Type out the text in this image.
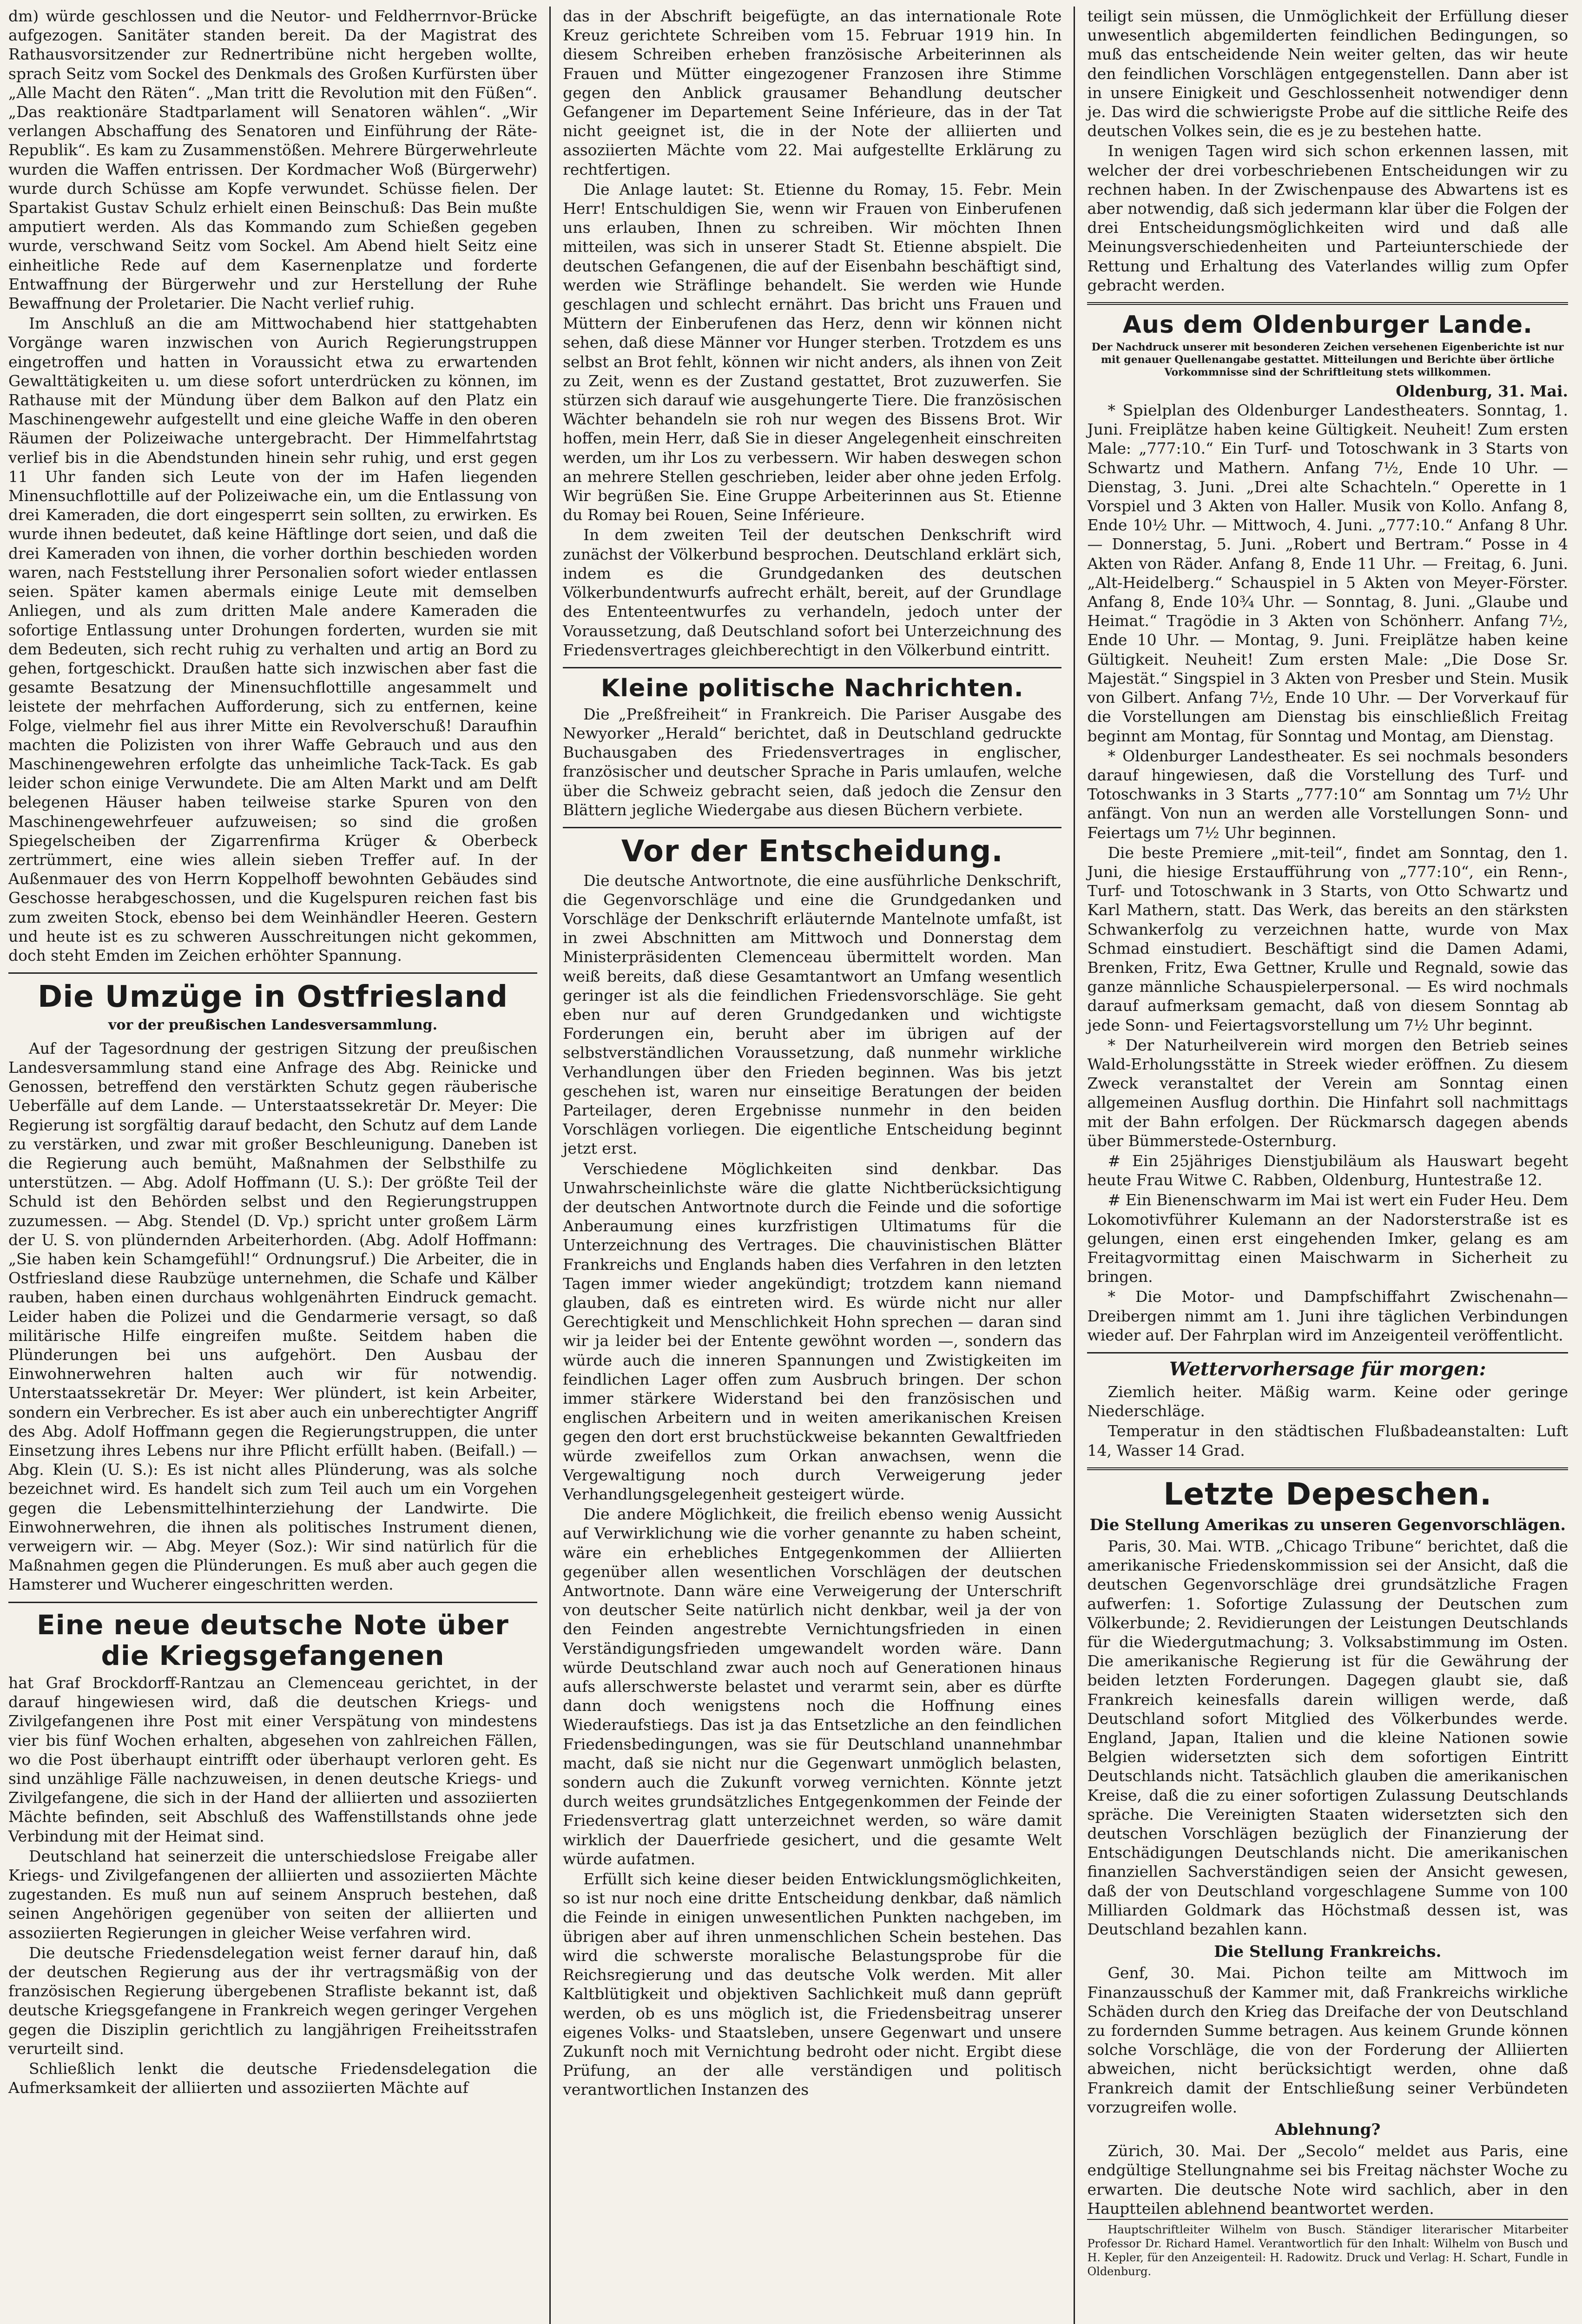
dm) würde geschlossen und die Neutor- und Feldherrnvor-Brücke aufgezogen. Sanitäter standen bereit. Da der Magistrat des Rathausvorsitzender zur Rednertribüne nicht hergeben wollte, sprach Seitz vom Sockel des Denkmals des Großen Kurfürsten über „Alle Macht den Räten“. „Man tritt die Revolution mit den Füßen“. „Das reaktionäre Stadtparlament will Senatoren wählen“. „Wir verlangen Abschaffung des Senatoren und Einführung der Räte-Republik“. Es kam zu Zusammenstößen. Mehrere Bürgerwehrleute wurden die Waffen entrissen. Der Kordmacher Woß (Bürgerwehr) wurde durch Schüsse am Kopfe verwundet. Schüsse fielen. Der Spartakist Gustav Schulz erhielt einen Beinschuß: Das Bein mußte amputiert werden. Als das Kommando zum Schießen gegeben wurde, verschwand Seitz vom Sockel. Am Abend hielt Seitz eine einheitliche Rede auf dem Kasernenplatze und forderte Entwaffnung der Bürgerwehr und zur Herstellung der Ruhe Bewaffnung der Proletarier. Die Nacht verlief ruhig.

Im Anschluß an die am Mittwochabend hier stattgehabten Vorgänge waren inzwischen von Aurich Regierungstruppen eingetroffen und hatten in Voraussicht etwa zu erwartenden Gewalttätigkeiten u. um diese sofort unterdrücken zu können, im Rathause mit der Mündung über dem Balkon auf den Platz ein Maschinengewehr aufgestellt und eine gleiche Waffe in den oberen Räumen der Polizeiwache untergebracht. Der Himmelfahrtstag verlief bis in die Abendstunden hinein sehr ruhig, und erst gegen 11 Uhr fanden sich Leute von der im Hafen liegenden Minensuchflottille auf der Polizeiwache ein, um die Entlassung von drei Kameraden, die dort eingesperrt sein sollten, zu erwirken. Es wurde ihnen bedeutet, daß keine Häftlinge dort seien, und daß die drei Kameraden von ihnen, die vorher dorthin beschieden worden waren, nach Feststellung ihrer Personalien sofort wieder entlassen seien. Später kamen abermals einige Leute mit demselben Anliegen, und als zum dritten Male andere Kameraden die sofortige Entlassung unter Drohungen forderten, wurden sie mit dem Bedeuten, sich recht ruhig zu verhalten und artig an Bord zu gehen, fortgeschickt. Draußen hatte sich inzwischen aber fast die gesamte Besatzung der Minensuchflottille angesammelt und leistete der mehrfachen Aufforderung, sich zu entfernen, keine Folge, vielmehr fiel aus ihrer Mitte ein Revolverschuß! Daraufhin machten die Polizisten von ihrer Waffe Gebrauch und aus den Maschinengewehren erfolgte das unheimliche Tack-Tack. Es gab leider schon einige Verwundete. Die am Alten Markt und am Delft belegenen Häuser haben teilweise starke Spuren von den Maschinengewehrfeuer aufzuweisen; so sind die großen Spiegelscheiben der Zigarrenfirma Krüger & Oberbeck zertrümmert, eine wies allein sieben Treffer auf. In der Außenmauer des von Herrn Koppelhoff bewohnten Gebäudes sind Geschosse herabgeschossen, und die Kugelspuren reichen fast bis zum zweiten Stock, ebenso bei dem Weinhändler Heeren. Gestern und heute ist es zu schweren Ausschreitungen nicht gekommen, doch steht Emden im Zeichen erhöhter Spannung.

Die Umzüge in Ostfriesland
vor der preußischen Landesversammlung.

Auf der Tagesordnung der gestrigen Sitzung der preußischen Landesversammlung stand eine Anfrage des Abg. Reinicke und Genossen, betreffend den verstärkten Schutz gegen räuberische Ueberfälle auf dem Lande. — Unterstaatssekretär Dr. Meyer: Die Regierung ist sorgfältig darauf bedacht, den Schutz auf dem Lande zu verstärken, und zwar mit großer Beschleunigung. Daneben ist die Regierung auch bemüht, Maßnahmen der Selbsthilfe zu unterstützen. — Abg. Adolf Hoffmann (U. S.): Der größte Teil der Schuld ist den Behörden selbst und den Regierungstruppen zuzumessen. — Abg. Stendel (D. Vp.) spricht unter großem Lärm der U. S. von plündernden Arbeiterhorden. (Abg. Adolf Hoffmann: „Sie haben kein Schamgefühl!“ Ordnungsruf.) Die Arbeiter, die in Ostfriesland diese Raubzüge unternehmen, die Schafe und Kälber rauben, haben einen durchaus wohlgenährten Eindruck gemacht. Leider haben die Polizei und die Gendarmerie versagt, so daß militärische Hilfe eingreifen mußte. Seitdem haben die Plünderungen bei uns aufgehört. Den Ausbau der Einwohnerwehren halten auch wir für notwendig. Unterstaatssekretär Dr. Meyer: Wer plündert, ist kein Arbeiter, sondern ein Verbrecher. Es ist aber auch ein unberechtigter Angriff des Abg. Adolf Hoffmann gegen die Regierungstruppen, die unter Einsetzung ihres Lebens nur ihre Pflicht erfüllt haben. (Beifall.) — Abg. Klein (U. S.): Es ist nicht alles Plünderung, was als solche bezeichnet wird. Es handelt sich zum Teil auch um ein Vorgehen gegen die Lebensmittelhinterziehung der Landwirte. Die Einwohnerwehren, die ihnen als politisches Instrument dienen, verweigern wir. — Abg. Meyer (Soz.): Wir sind natürlich für die Maßnahmen gegen die Plünderungen. Es muß aber auch gegen die Hamsterer und Wucherer eingeschritten werden.

Eine neue deutsche Note über die Kriegsgefangenen

hat Graf Brockdorff-Rantzau an Clemenceau gerichtet, in der darauf hingewiesen wird, daß die deutschen Kriegs- und Zivilgefangenen ihre Post mit einer Verspätung von mindestens vier bis fünf Wochen erhalten, abgesehen von zahlreichen Fällen, wo die Post überhaupt eintrifft oder überhaupt verloren geht. Es sind unzählige Fälle nachzuweisen, in denen deutsche Kriegs- und Zivilgefangene, die sich in der Hand der alliierten und assoziierten Mächte befinden, seit Abschluß des Waffenstillstands ohne jede Verbindung mit der Heimat sind.

Deutschland hat seinerzeit die unterschiedslose Freigabe aller Kriegs- und Zivilgefangenen der alliierten und assoziierten Mächte zugestanden. Es muß nun auf seinem Anspruch bestehen, daß seinen Angehörigen gegenüber von seiten der alliierten und assoziierten Regierungen in gleicher Weise verfahren wird.

Die deutsche Friedensdelegation weist ferner darauf hin, daß der deutschen Regierung aus der ihr vertragsmäßig von der französischen Regierung übergebenen Strafliste bekannt ist, daß deutsche Kriegsgefangene in Frankreich wegen geringer Vergehen gegen die Disziplin gerichtlich zu langjährigen Freiheitsstrafen verurteilt sind.

Schließlich lenkt die deutsche Friedensdelegation die Aufmerksamkeit der alliierten und assoziierten Mächte auf

das in der Abschrift beigefügte, an das internationale Rote Kreuz gerichtete Schreiben vom 15. Februar 1919 hin. In diesem Schreiben erheben französische Arbeiterinnen als Frauen und Mütter eingezogener Franzosen ihre Stimme gegen den Anblick grausamer Behandlung deutscher Gefangener im Departement Seine Inférieure, das in der Tat nicht geeignet ist, die in der Note der alliierten und assoziierten Mächte vom 22. Mai aufgestellte Erklärung zu rechtfertigen.

Die Anlage lautet: St. Etienne du Romay, 15. Febr. Mein Herr! Entschuldigen Sie, wenn wir Frauen von Einberufenen uns erlauben, Ihnen zu schreiben. Wir möchten Ihnen mitteilen, was sich in unserer Stadt St. Etienne abspielt. Die deutschen Gefangenen, die auf der Eisenbahn beschäftigt sind, werden wie Sträflinge behandelt. Sie werden wie Hunde geschlagen und schlecht ernährt. Das bricht uns Frauen und Müttern der Einberufenen das Herz, denn wir können nicht sehen, daß diese Männer vor Hunger sterben. Trotzdem es uns selbst an Brot fehlt, können wir nicht anders, als ihnen von Zeit zu Zeit, wenn es der Zustand gestattet, Brot zuzuwerfen. Sie stürzen sich darauf wie ausgehungerte Tiere. Die französischen Wächter behandeln sie roh nur wegen des Bissens Brot. Wir hoffen, mein Herr, daß Sie in dieser Angelegenheit einschreiten werden, um ihr Los zu verbessern. Wir haben deswegen schon an mehrere Stellen geschrieben, leider aber ohne jeden Erfolg. Wir begrüßen Sie. Eine Gruppe Arbeiterinnen aus St. Etienne du Romay bei Rouen, Seine Inférieure.

In dem zweiten Teil der deutschen Denkschrift wird zunächst der Völkerbund besprochen. Deutschland erklärt sich, indem es die Grundgedanken des deutschen Völkerbundentwurfs aufrecht erhält, bereit, auf der Grundlage des Ententeentwurfes zu verhandeln, jedoch unter der Voraussetzung, daß Deutschland sofort bei Unterzeichnung des Friedensvertrages gleichberechtigt in den Völkerbund eintritt.

Kleine politische Nachrichten.

Die „Preßfreiheit“ in Frankreich. Die Pariser Ausgabe des Newyorker „Herald“ berichtet, daß in Deutschland gedruckte Buchausgaben des Friedensvertrages in englischer, französischer und deutscher Sprache in Paris umlaufen, welche über die Schweiz gebracht seien, daß jedoch die Zensur den Blättern jegliche Wiedergabe aus diesen Büchern verbiete.

Vor der Entscheidung.

Die deutsche Antwortnote, die eine ausführliche Denkschrift, die Gegenvorschläge und eine die Grundgedanken und Vorschläge der Denkschrift erläuternde Mantelnote umfaßt, ist in zwei Abschnitten am Mittwoch und Donnerstag dem Ministerpräsidenten Clemenceau übermittelt worden. Man weiß bereits, daß diese Gesamtantwort an Umfang wesentlich geringer ist als die feindlichen Friedensvorschläge. Sie geht eben nur auf deren Grundgedanken und wichtigste Forderungen ein, beruht aber im übrigen auf der selbstverständlichen Voraussetzung, daß nunmehr wirkliche Verhandlungen über den Frieden beginnen. Was bis jetzt geschehen ist, waren nur einseitige Beratungen der beiden Parteilager, deren Ergebnisse nunmehr in den beiden Vorschlägen vorliegen. Die eigentliche Entscheidung beginnt jetzt erst.

Verschiedene Möglichkeiten sind denkbar. Das Unwahrscheinlichste wäre die glatte Nichtberücksichtigung der deutschen Antwortnote durch die Feinde und die sofortige Anberaumung eines kurzfristigen Ultimatums für die Unterzeichnung des Vertrages. Die chauvinistischen Blätter Frankreichs und Englands haben dies Verfahren in den letzten Tagen immer wieder angekündigt; trotzdem kann niemand glauben, daß es eintreten wird. Es würde nicht nur aller Gerechtigkeit und Menschlichkeit Hohn sprechen — daran sind wir ja leider bei der Entente gewöhnt worden —, sondern das würde auch die inneren Spannungen und Zwistigkeiten im feindlichen Lager offen zum Ausbruch bringen. Der schon immer stärkere Widerstand bei den französischen und englischen Arbeitern und in weiten amerikanischen Kreisen gegen den dort erst bruchstückweise bekannten Gewaltfrieden würde zweifellos zum Orkan anwachsen, wenn die Vergewaltigung noch durch Verweigerung jeder Verhandlungsgelegenheit gesteigert würde.

Die andere Möglichkeit, die freilich ebenso wenig Aussicht auf Verwirklichung wie die vorher genannte zu haben scheint, wäre ein erhebliches Entgegenkommen der Alliierten gegenüber allen wesentlichen Vorschlägen der deutschen Antwortnote. Dann wäre eine Verweigerung der Unterschrift von deutscher Seite natürlich nicht denkbar, weil ja der von den Feinden angestrebte Vernichtungsfrieden in einen Verständigungsfrieden umgewandelt worden wäre. Dann würde Deutschland zwar auch noch auf Generationen hinaus aufs allerschwerste belastet und verarmt sein, aber es dürfte dann doch wenigstens noch die Hoffnung eines Wiederaufstiegs. Das ist ja das Entsetzliche an den feindlichen Friedensbedingungen, was sie für Deutschland unannehmbar macht, daß sie nicht nur die Gegenwart unmöglich belasten, sondern auch die Zukunft vorweg vernichten. Könnte jetzt durch weites grundsätzliches Entgegenkommen der Feinde der Friedensvertrag glatt unterzeichnet werden, so wäre damit wirklich der Dauerfriede gesichert, und die gesamte Welt würde aufatmen.

Erfüllt sich keine dieser beiden Entwicklungsmöglichkeiten, so ist nur noch eine dritte Entscheidung denkbar, daß nämlich die Feinde in einigen unwesentlichen Punkten nachgeben, im übrigen aber auf ihren unmenschlichen Schein bestehen. Das wird die schwerste moralische Belastungsprobe für die Reichsregierung und das deutsche Volk werden. Mit aller Kaltblütigkeit und objektiven Sachlichkeit muß dann geprüft werden, ob es uns möglich ist, die Friedensbeitrag unserer eigenes Volks- und Staatsleben, unsere Gegenwart und unsere Zukunft noch mit Vernichtung bedroht oder nicht. Ergibt diese Prüfung, an der alle verständigen und politisch verantwortlichen Instanzen des

teiligt sein müssen, die Unmöglichkeit der Erfüllung dieser unwesentlich abgemilderten feindlichen Bedingungen, so muß das entscheidende Nein weiter gelten, das wir heute den feindlichen Vorschlägen entgegenstellen. Dann aber ist in unsere Einigkeit und Geschlossenheit notwendiger denn je. Das wird die schwierigste Probe auf die sittliche Reife des deutschen Volkes sein, die es je zu bestehen hatte.

In wenigen Tagen wird sich schon erkennen lassen, mit welcher der drei vorbeschriebenen Entscheidungen wir zu rechnen haben. In der Zwischenpause des Abwartens ist es aber notwendig, daß sich jedermann klar über die Folgen der drei Entscheidungsmöglichkeiten wird und daß alle Meinungsverschiedenheiten und Parteiunterschiede der Rettung und Erhaltung des Vaterlandes willig zum Opfer gebracht werden.

Aus dem Oldenburger Lande.
Der Nachdruck unserer mit besonderen Zeichen versehenen Eigenberichte ist nur mit genauer Quellenangabe gestattet. Mitteilungen und Berichte über örtliche Vorkommnisse sind der Schriftleitung stets willkommen.
Oldenburg, 31. Mai.

* Spielplan des Oldenburger Landestheaters. Sonntag, 1. Juni. Freiplätze haben keine Gültigkeit. Neuheit! Zum ersten Male: „777:10.“ Ein Turf- und Totoschwank in 3 Starts von Schwartz und Mathern. Anfang 7½, Ende 10 Uhr. — Dienstag, 3. Juni. „Drei alte Schachteln.“ Operette in 1 Vorspiel und 3 Akten von Haller. Musik von Kollo. Anfang 8, Ende 10½ Uhr. — Mittwoch, 4. Juni. „777:10.“ Anfang 8 Uhr. — Donnerstag, 5. Juni. „Robert und Bertram.“ Posse in 4 Akten von Räder. Anfang 8, Ende 11 Uhr. — Freitag, 6. Juni. „Alt-Heidelberg.“ Schauspiel in 5 Akten von Meyer-Förster. Anfang 8, Ende 10¾ Uhr. — Sonntag, 8. Juni. „Glaube und Heimat.“ Tragödie in 3 Akten von Schönherr. Anfang 7½, Ende 10 Uhr. — Montag, 9. Juni. Freiplätze haben keine Gültigkeit. Neuheit! Zum ersten Male: „Die Dose Sr. Majestät.“ Singspiel in 3 Akten von Presber und Stein. Musik von Gilbert. Anfang 7½, Ende 10 Uhr. — Der Vorverkauf für die Vorstellungen am Dienstag bis einschließlich Freitag beginnt am Montag, für Sonntag und Montag, am Dienstag.

* Oldenburger Landestheater. Es sei nochmals besonders darauf hingewiesen, daß die Vorstellung des Turf- und Totoschwanks in 3 Starts „777:10“ am Sonntag um 7½ Uhr anfängt. Von nun an werden alle Vorstellungen Sonn- und Feiertags um 7½ Uhr beginnen.

Die beste Premiere „mit-teil“, findet am Sonntag, den 1. Juni, die hiesige Erstaufführung von „777:10“, ein Renn-, Turf- und Totoschwank in 3 Starts, von Otto Schwartz und Karl Mathern, statt. Das Werk, das bereits an den stärksten Schwankerfolg zu verzeichnen hatte, wurde von Max Schmad einstudiert. Beschäftigt sind die Damen Adami, Brenken, Fritz, Ewa Gettner, Krulle und Regnald, sowie das ganze männliche Schauspielerpersonal. — Es wird nochmals darauf aufmerksam gemacht, daß von diesem Sonntag ab jede Sonn- und Feiertagsvorstellung um 7½ Uhr beginnt.

* Der Naturheilverein wird morgen den Betrieb seines Wald-Erholungsstätte in Streek wieder eröffnen. Zu diesem Zweck veranstaltet der Verein am Sonntag einen allgemeinen Ausflug dorthin. Die Hinfahrt soll nachmittags mit der Bahn erfolgen. Der Rückmarsch dagegen abends über Bümmerstede-Osternburg.

# Ein 25jähriges Dienstjubiläum als Hauswart begeht heute Frau Witwe C. Rabben, Oldenburg, Huntestraße 12.

# Ein Bienenschwarm im Mai ist wert ein Fuder Heu. Dem Lokomotivführer Kulemann an der Nadorsterstraße ist es gelungen, einen erst eingehenden Imker, gelang es am Freitagvormittag einen Maischwarm in Sicherheit zu bringen.

* Die Motor- und Dampfschiffahrt Zwischenahn—Dreibergen nimmt am 1. Juni ihre täglichen Verbindungen wieder auf. Der Fahrplan wird im Anzeigenteil veröffentlicht.

Wettervorhersage für morgen:

Ziemlich heiter. Mäßig warm. Keine oder geringe Niederschläge.

Temperatur in den städtischen Flußbadeanstalten: Luft 14, Wasser 14 Grad.

Letzte Depeschen.
Die Stellung Amerikas zu unseren Gegenvorschlägen.

Paris, 30. Mai. WTB. „Chicago Tribune“ berichtet, daß die amerikanische Friedenskommission sei der Ansicht, daß die deutschen Gegenvorschläge drei grundsätzliche Fragen aufwerfen: 1. Sofortige Zulassung der Deutschen zum Völkerbunde; 2. Revidierungen der Leistungen Deutschlands für die Wiedergutmachung; 3. Volksabstimmung im Osten. Die amerikanische Regierung ist für die Gewährung der beiden letzten Forderungen. Dagegen glaubt sie, daß Frankreich keinesfalls darein willigen werde, daß Deutschland sofort Mitglied des Völkerbundes werde. England, Japan, Italien und die kleine Nationen sowie Belgien widersetzten sich dem sofortigen Eintritt Deutschlands nicht. Tatsächlich glauben die amerikanischen Kreise, daß die zu einer sofortigen Zulassung Deutschlands spräche. Die Vereinigten Staaten widersetzten sich den deutschen Vorschlägen bezüglich der Finanzierung der Entschädigungen Deutschlands nicht. Die amerikanischen finanziellen Sachverständigen seien der Ansicht gewesen, daß der von Deutschland vorgeschlagene Summe von 100 Milliarden Goldmark das Höchstmaß dessen ist, was Deutschland bezahlen kann.

Die Stellung Frankreichs.

Genf, 30. Mai. Pichon teilte am Mittwoch im Finanzausschuß der Kammer mit, daß Frankreichs wirkliche Schäden durch den Krieg das Dreifache der von Deutschland zu fordernden Summe betragen. Aus keinem Grunde können solche Vorschläge, die von der Forderung der Alliierten abweichen, nicht berücksichtigt werden, ohne daß Frankreich damit der Entschließung seiner Verbündeten vorzugreifen wolle.

Ablehnung?

Zürich, 30. Mai. Der „Secolo“ meldet aus Paris, eine endgültige Stellungnahme sei bis Freitag nächster Woche zu erwarten. Die deutsche Note wird sachlich, aber in den Hauptteilen ablehnend beantwortet werden.

Hauptschriftleiter Wilhelm von Busch. Ständiger literarischer Mitarbeiter Professor Dr. Richard Hamel. Verantwortlich für den Inhalt: Wilhelm von Busch und H. Kepler, für den Anzeigenteil: H. Radowitz. Druck und Verlag: H. Schart, Fundle in Oldenburg.
